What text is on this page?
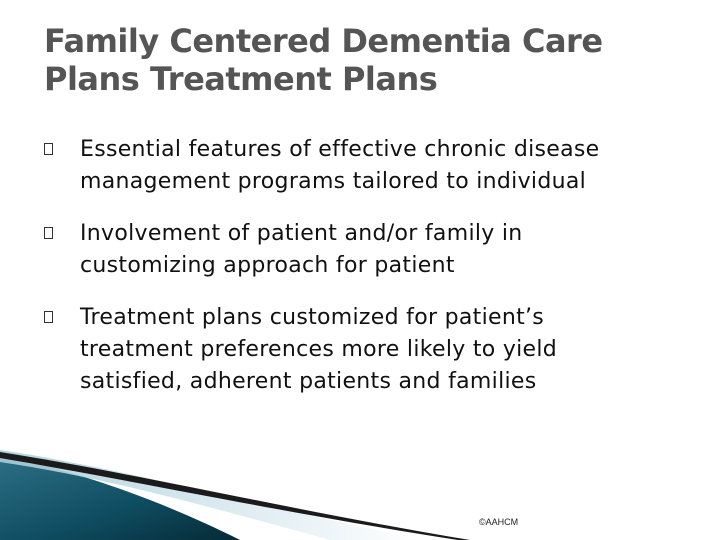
Family Centered Dementia Care
Plans Treatment Plans
Essential features of effective chronic disease
management programs tailored to individual
Involvement of patient and/or family in
customizing approach for patient
Treatment plans customized for patient’s
treatment preferences more likely to yield
satisfied, adherent patients and families
©AAHCM
